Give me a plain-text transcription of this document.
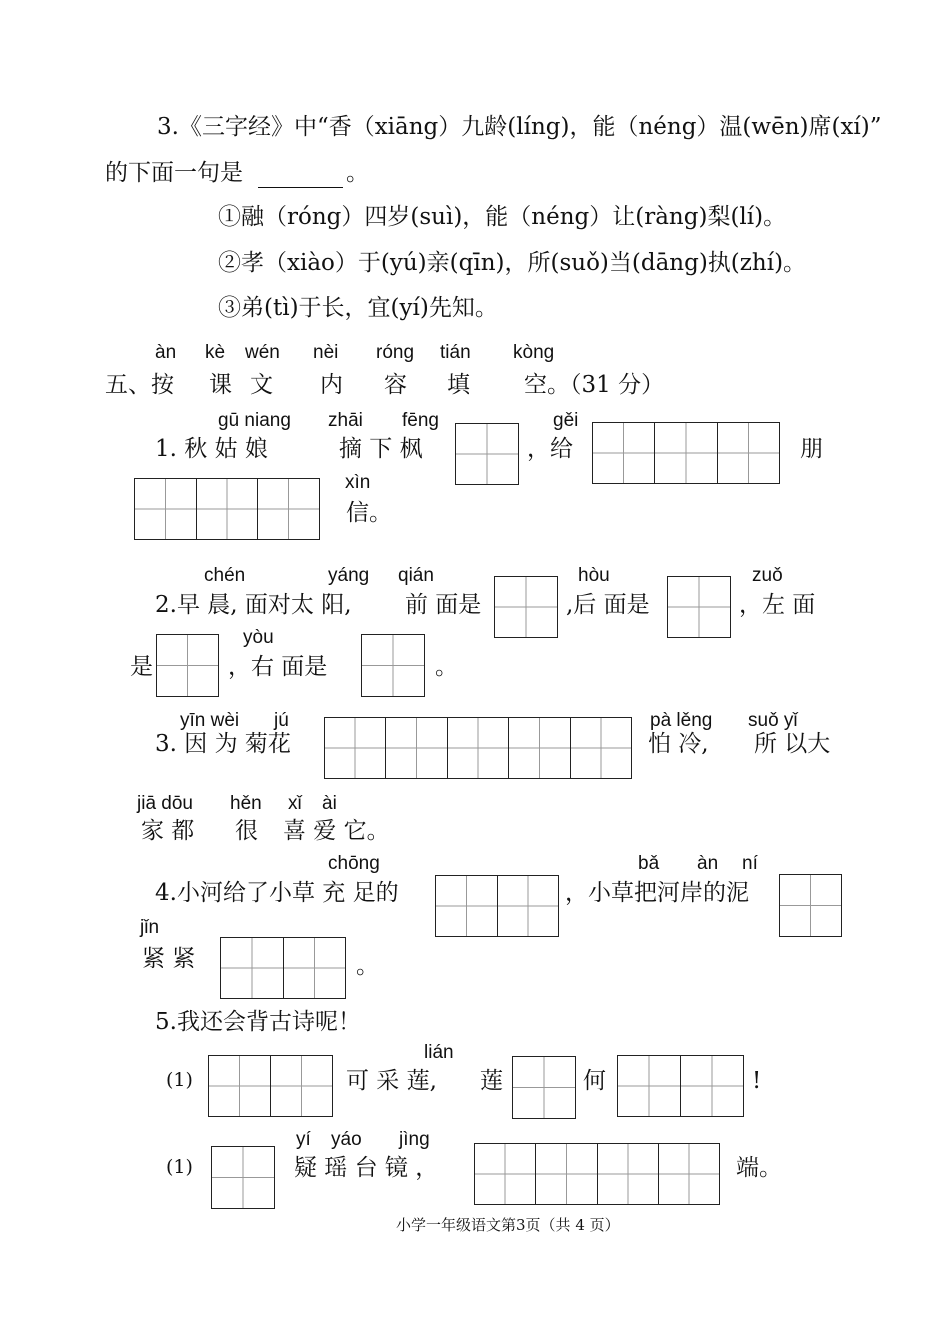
3.《三字经》中“香（xiāng）九龄(líng)，能（néng）温(wēn)席(xí)”
的下面一句是	。
①融（róng）四岁(suì)，能（néng）让(ràng)梨(lí)。
②孝（xiào）于(yú)亲(qīn)，所(suǒ)当(dāng)执(zhí)。
③弟(tì)于长，宜(yí)先知。
àn kè wén nèi róng tián kòng
五、按 课 文 内 容 填 空。（31 分）
gū niang zhāi fēng	gěi
1. 秋 姑 娘	摘 下 枫	，给	朋
xìn
信。
chén	yáng qián	hòu	zuǒ
2.早 晨, 面对太 阳, 前 面是	,后 面是	，左 面
是
yòu
，右 面是	。
yīn wèi jú	pà lěng suǒ yǐ
3. 因 为 菊花	怕 冷, 所 以大
jiā dōu hěn xǐ ài
家 都 很 喜 爱 它。
chōng	bǎ àn ní
4.小河给了小草 充 足的	，小草把河岸的泥
jǐn
紧 紧	。
5.我还会背古诗呢！
lián
(1)	可 采 莲, 莲	何	!
yí yáo jìng
(1)	疑 瑶 台 镜 ，	端。
小学一年级语文第3页（共 4 页）
